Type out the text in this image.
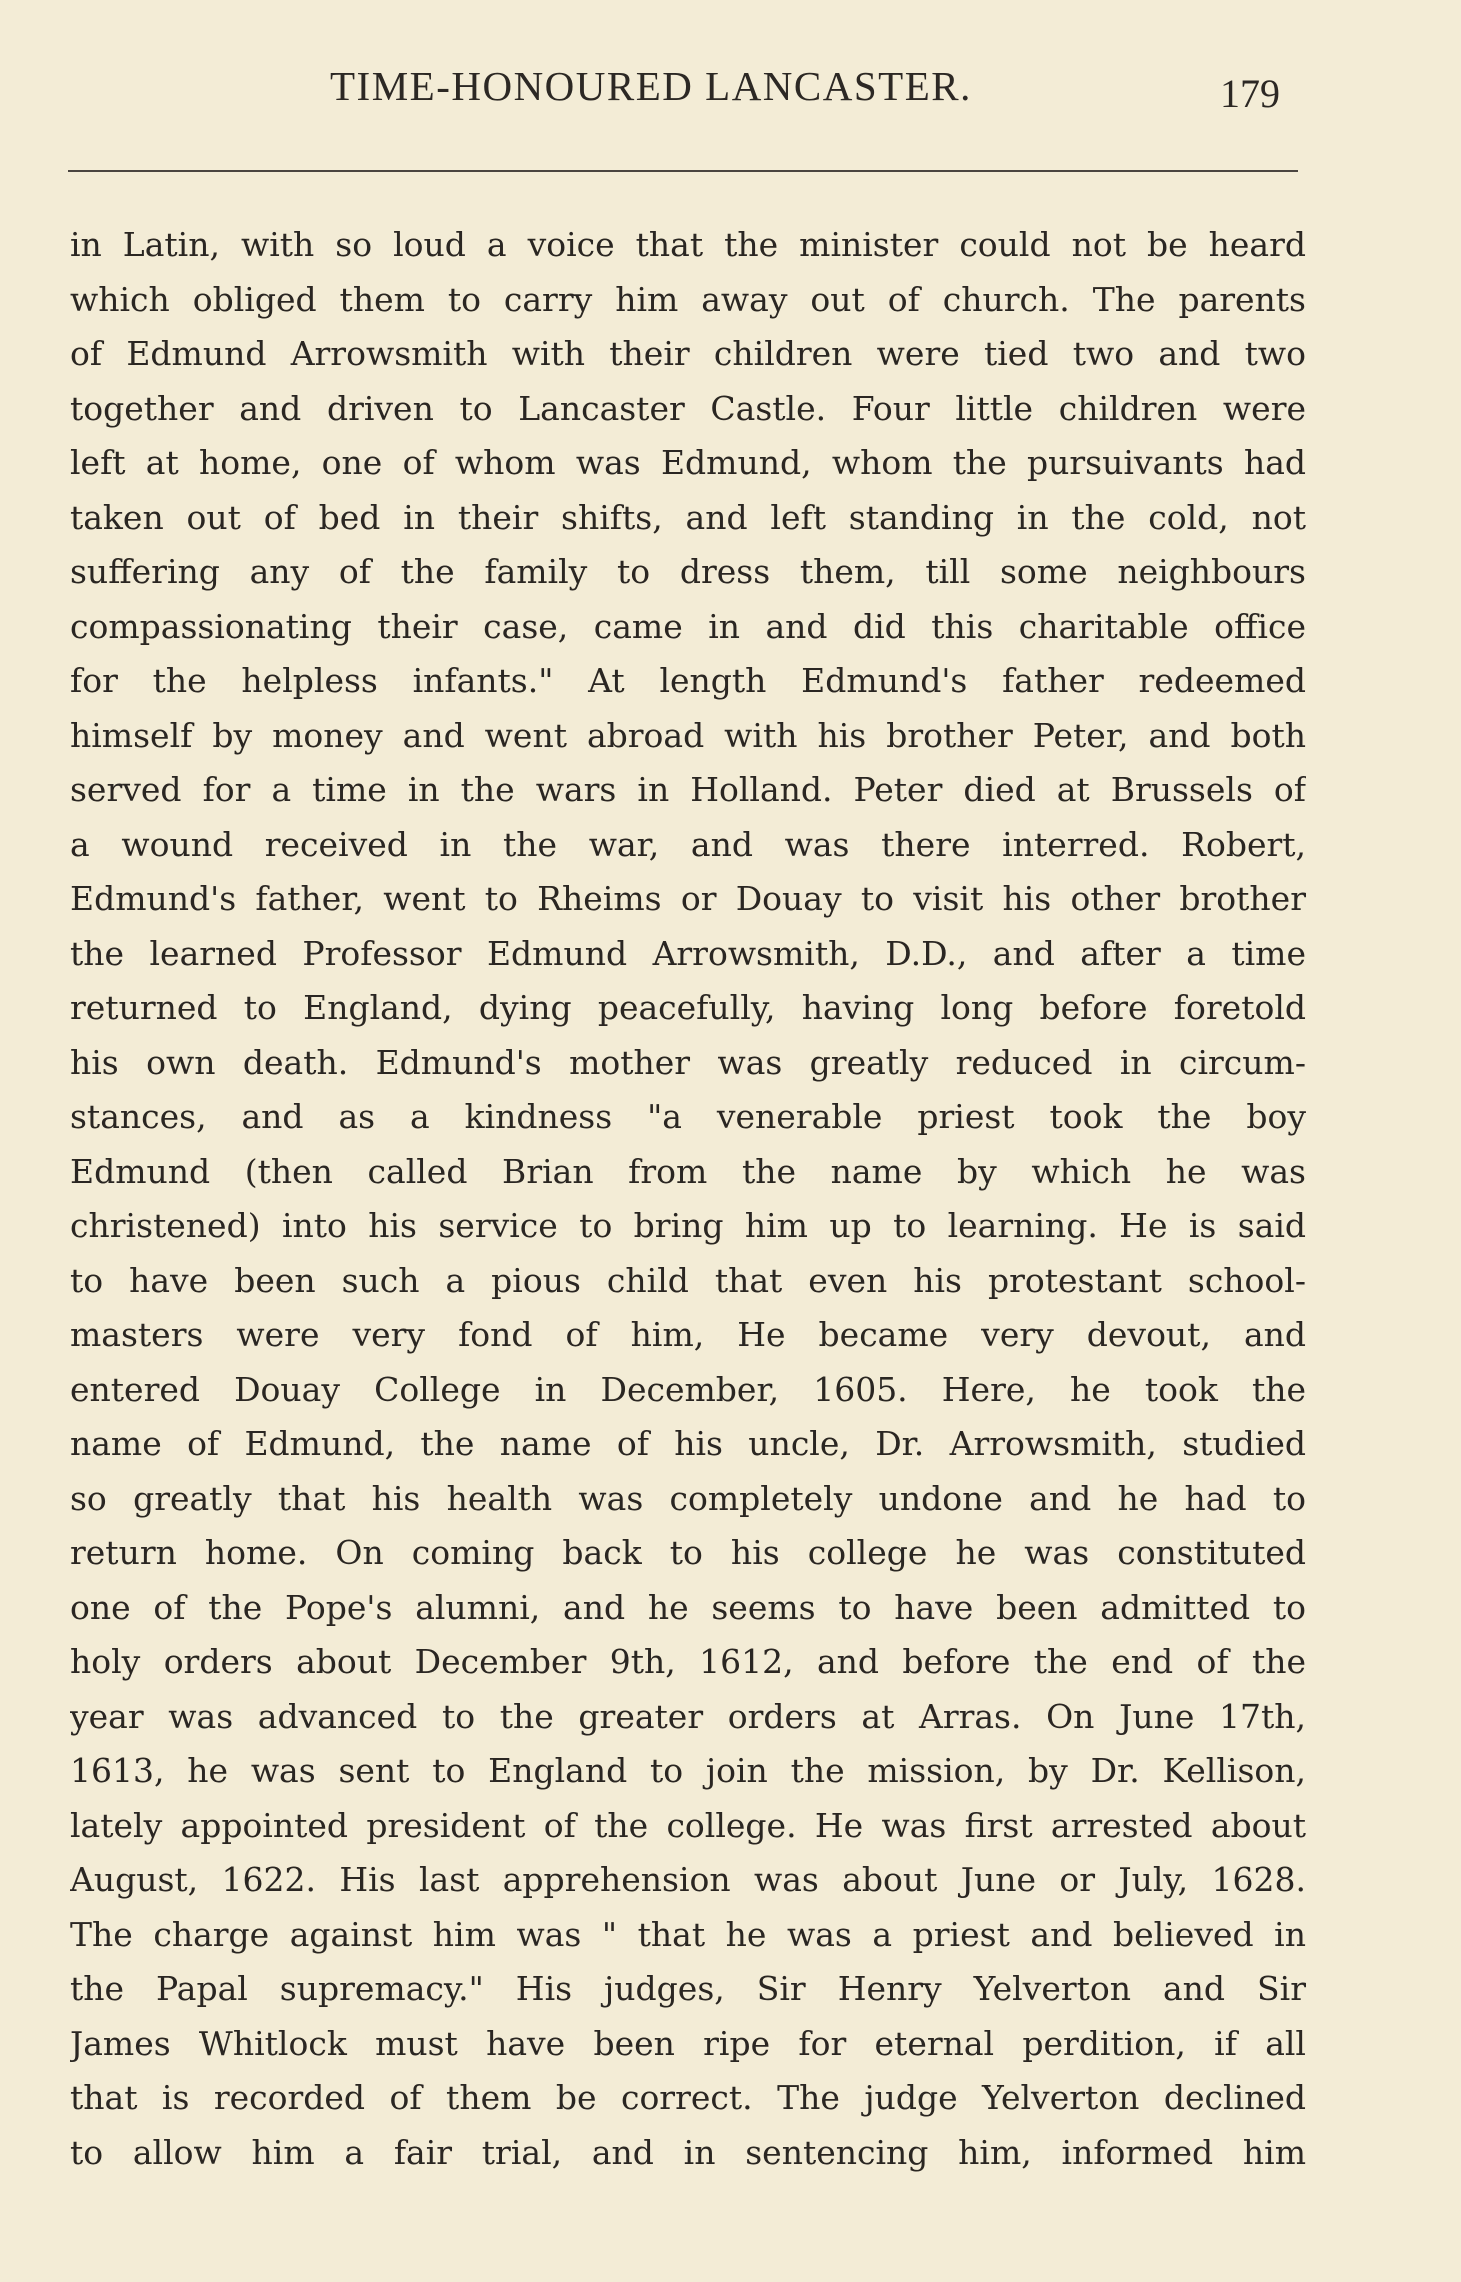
TIME-HONOURED LANCASTER.	179
in Latin, with so loud a voice that the minister could not be heard
which obliged them to carry him away out of church. The parents
of Edmund Arrowsmith with their children were tied two and two
together and driven to Lancaster Castle. Four little children were
left at home, one of whom was Edmund, whom the pursuivants had
taken out of bed in their shifts, and left standing in the cold, not
suffering any of the family to dress them, till some neighbours
compassionating their case, came in and did this charitable office
for the helpless infants." At length Edmund's father redeemed
himself by money and went abroad with his brother Peter, and both
served for a time in the wars in Holland. Peter died at Brussels of
a wound received in the war, and was there interred. Robert,
Edmund's father, went to Rheims or Douay to visit his other brother
the learned Professor Edmund Arrowsmith, D.D., and after a time
returned to England, dying peacefully, having long before foretold
his own death. Edmund's mother was greatly reduced in circum-
stances, and as a kindness "a venerable priest took the boy
Edmund (then called Brian from the name by which he was
christened) into his service to bring him up to learning. He is said
to have been such a pious child that even his protestant school-
masters were very fond of him, He became very devout, and
entered Douay College in December, 1605. Here, he took the
name of Edmund, the name of his uncle, Dr. Arrowsmith, studied
so greatly that his health was completely undone and he had to
return home. On coming back to his college he was constituted
one of the Pope's alumni, and he seems to have been admitted to
holy orders about December 9th, 1612, and before the end of the
year was advanced to the greater orders at Arras. On June 17th,
1613, he was sent to England to join the mission, by Dr. Kellison,
lately appointed president of the college. He was first arrested about
August, 1622. His last apprehension was about June or July, 1628.
The charge against him was " that he was a priest and believed in
the Papal supremacy." His judges, Sir Henry Yelverton and Sir
James Whitlock must have been ripe for eternal perdition, if all
that is recorded of them be correct. The judge Yelverton declined
to allow him a fair trial, and in sentencing him, informed him
